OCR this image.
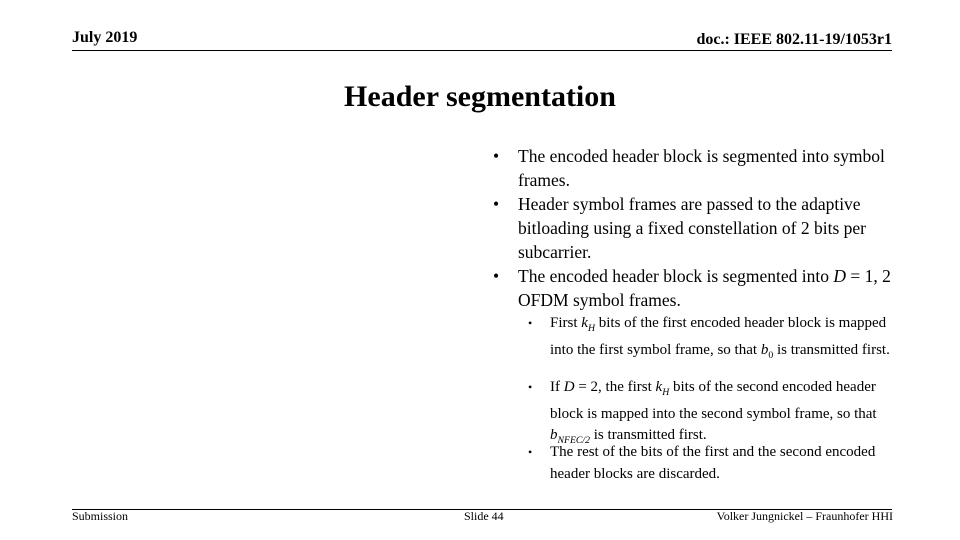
July 2019	doc.: IEEE 802.11-19/1053r1
Header segmentation
• The encoded header block is segmented into symbol frames.
• Header symbol frames are passed to the adaptive bitloading using a fixed constellation of 2 bits per subcarrier.
• The encoded header block is segmented into D = 1, 2 OFDM symbol frames.
• First $k_H$ bits of the first encoded header block is mapped into the first symbol frame, so that $b_0$ is transmitted first.
• If D = 2, the first $k_H$ bits of the second encoded header block is mapped into the second symbol frame, so that $b_{NFEC/2}$ is transmitted first.
• The rest of the bits of the first and the second encoded header blocks are discarded.
Submission	Slide 44	Volker Jungnickel – Fraunhofer HHI
